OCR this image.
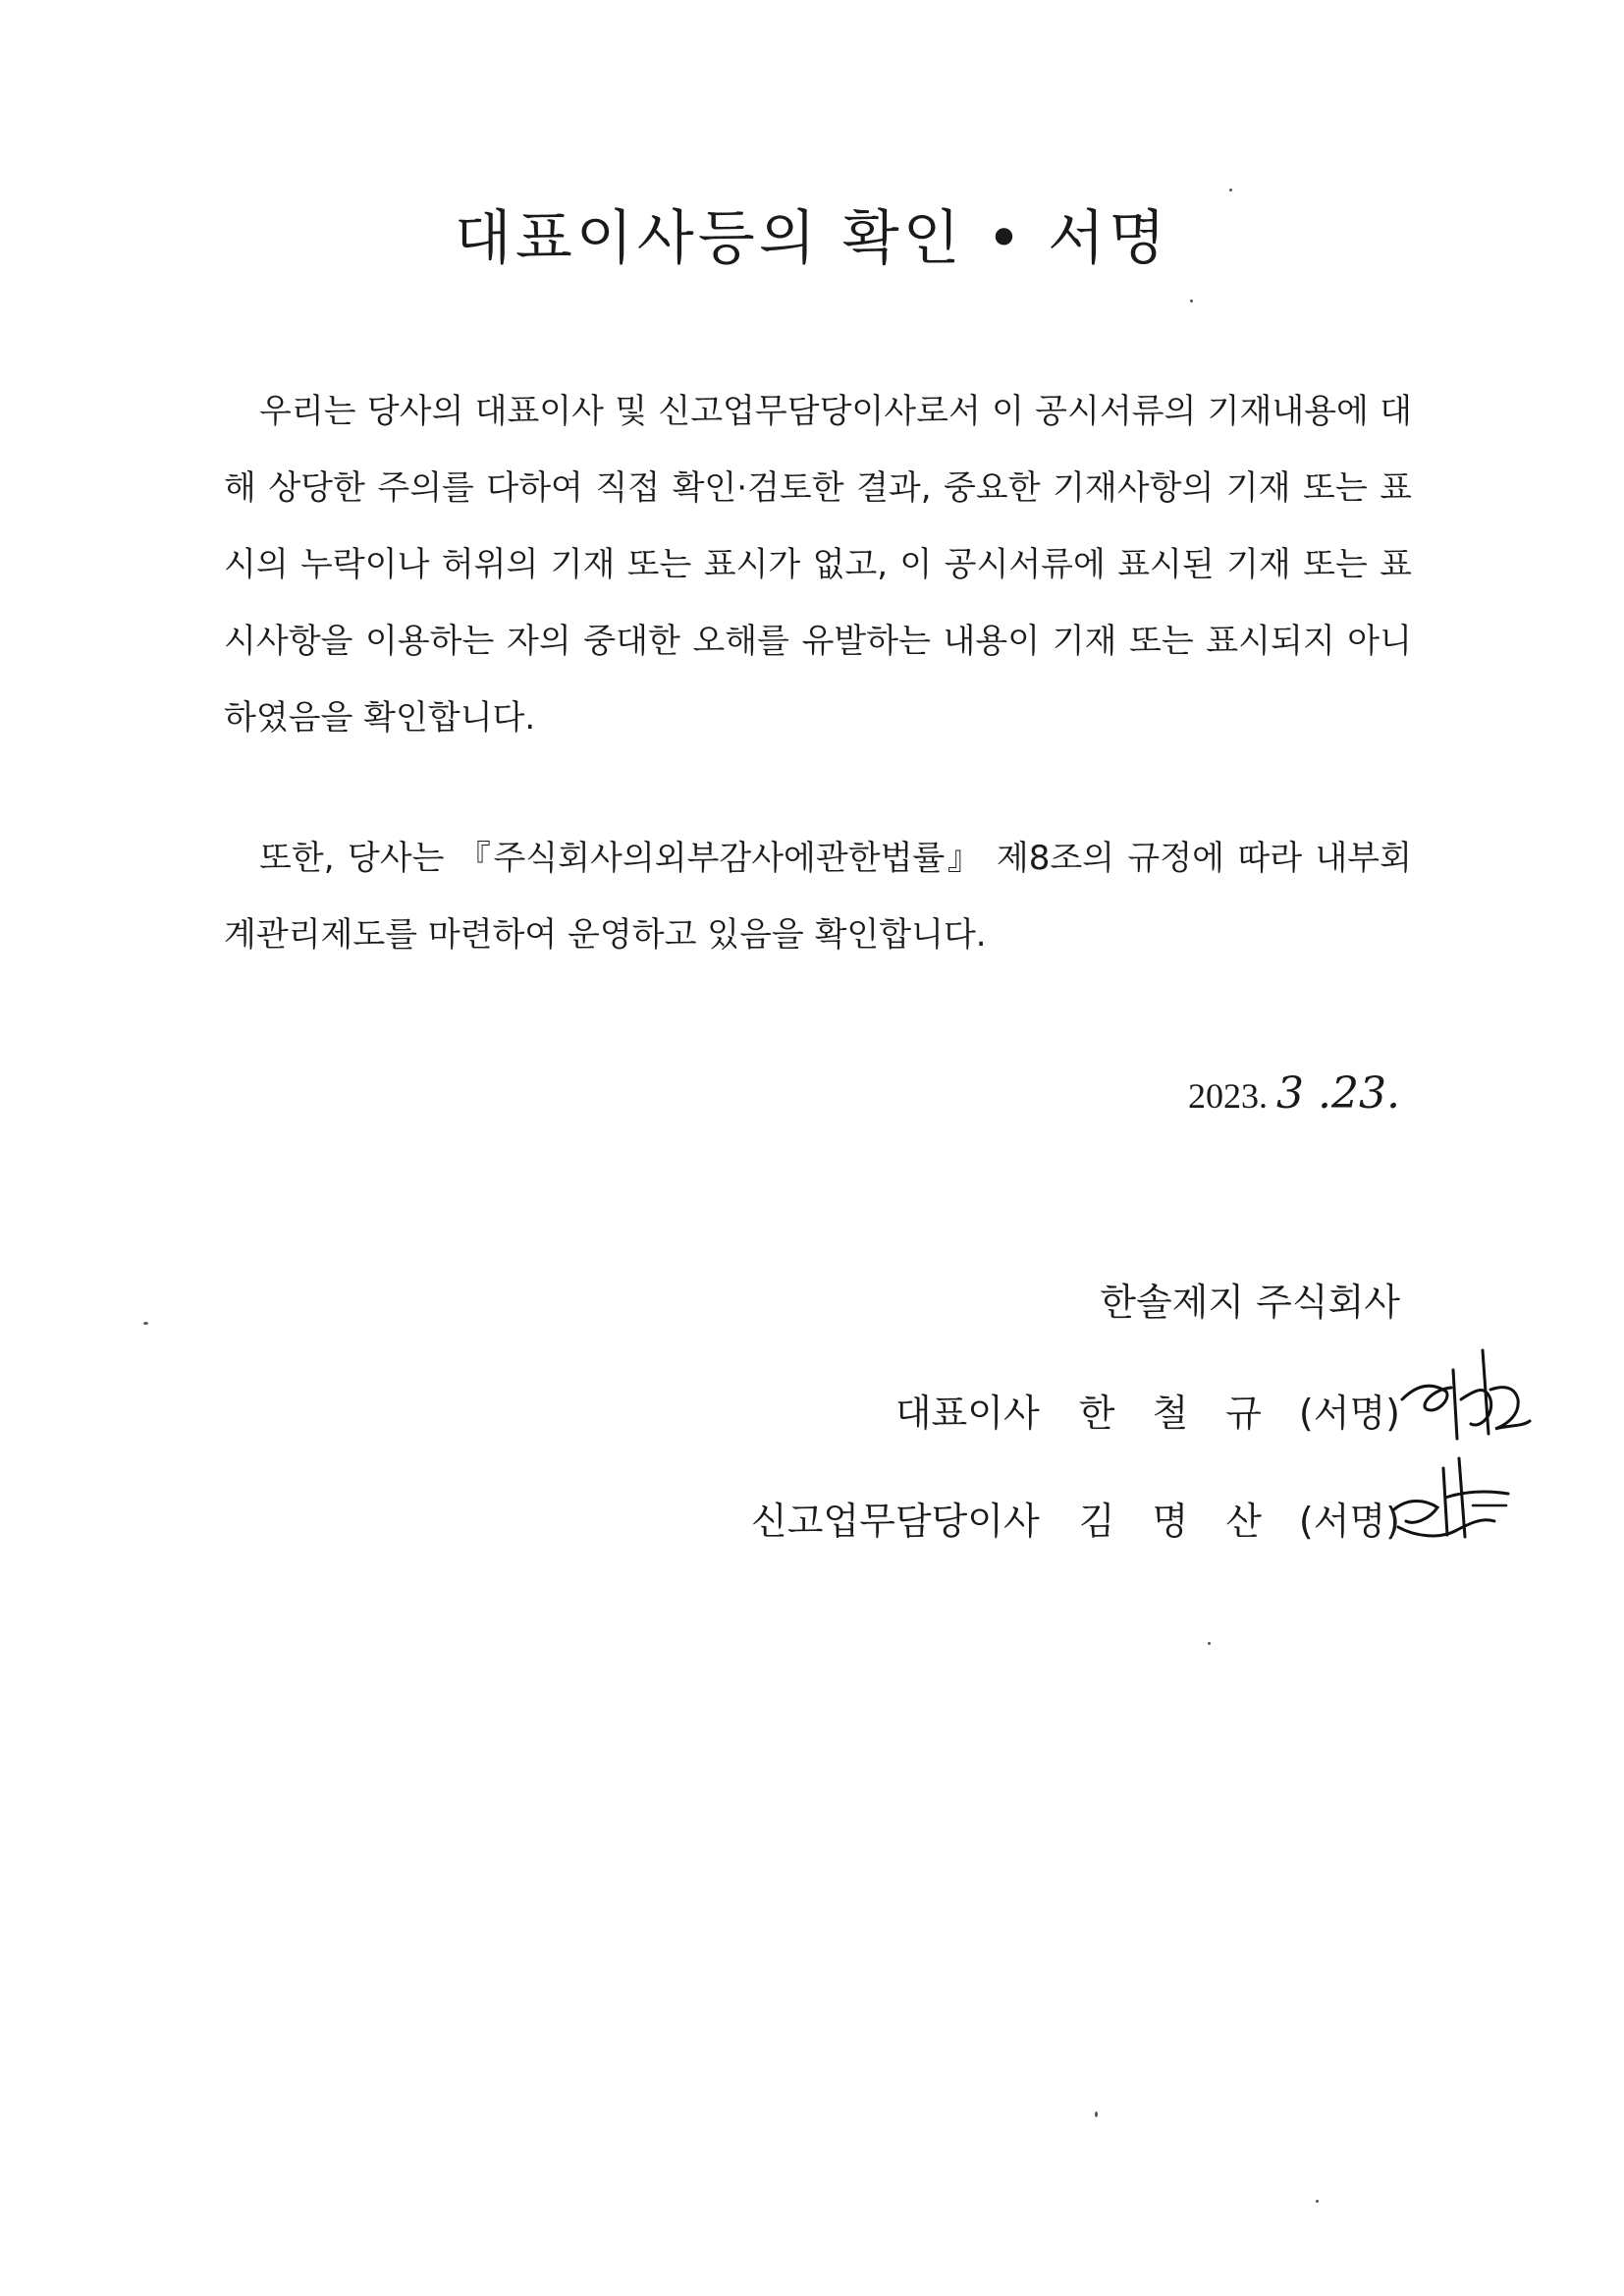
대표이사등의 확인 • 서명

우리는 당사의 대표이사 및 신고업무담당이사로서 이 공시서류의 기재내용에 대해 상당한 주의를 다하여 직접 확인·검토한 결과, 중요한 기재사항의 기재 또는 표시의 누락이나 허위의 기재 또는 표시가 없고, 이 공시서류에 표시된 기재 또는 표시사항을 이용하는 자의 중대한 오해를 유발하는 내용이 기재 또는 표시되지 아니하였음을 확인합니다.

또한, 당사는 『주식회사의외부감사에관한법률』 제8조의 규정에 따라 내부회계관리제도를 마련하여 운영하고 있음을 확인합니다.

2023. 3 .23.
한솔제지 주식회사
대표이사 한 철 규 (서명)
신고업무담당이사 김 명 산 (서명)
